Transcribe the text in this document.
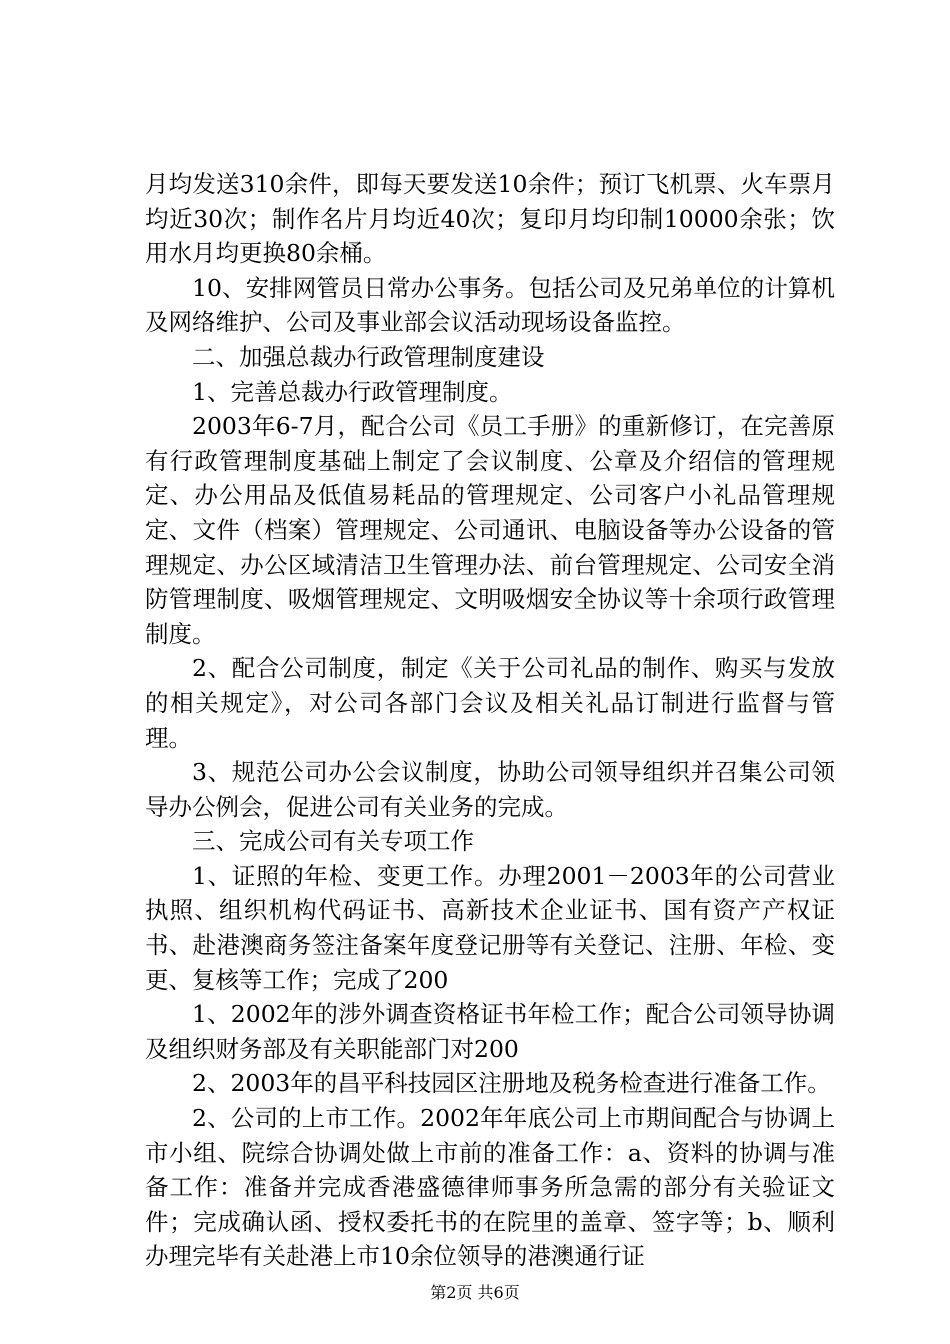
月均发送310余件，即每天要发送10余件；预订飞机票、火车票月均近30次；制作名片月均近40次；复印月均印制10000余张；饮用水月均更换80余桶。

10、安排网管员日常办公事务。包括公司及兄弟单位的计算机及网络维护、公司及事业部会议活动现场设备监控。

二、加强总裁办行政管理制度建设

1、完善总裁办行政管理制度。

2003年6-7月，配合公司《员工手册》的重新修订，在完善原有行政管理制度基础上制定了会议制度、公章及介绍信的管理规定、办公用品及低值易耗品的管理规定、公司客户小礼品管理规定、文件（档案）管理规定、公司通讯、电脑设备等办公设备的管理规定、办公区域清洁卫生管理办法、前台管理规定、公司安全消防管理制度、吸烟管理规定、文明吸烟安全协议等十余项行政管理制度。

2、配合公司制度，制定《关于公司礼品的制作、购买与发放的相关规定》，对公司各部门会议及相关礼品订制进行监督与管理。

3、规范公司办公会议制度，协助公司领导组织并召集公司领导办公例会，促进公司有关业务的完成。

三、完成公司有关专项工作

1、证照的年检、变更工作。办理2001－2003年的公司营业执照、组织机构代码证书、高新技术企业证书、国有资产产权证书、赴港澳商务签注备案年度登记册等有关登记、注册、年检、变更、复核等工作；完成了200

1、2002年的涉外调查资格证书年检工作；配合公司领导协调及组织财务部及有关职能部门对200

2、2003年的昌平科技园区注册地及税务检查进行准备工作。

2、公司的上市工作。2002年年底公司上市期间配合与协调上市小组、院综合协调处做上市前的准备工作：a、资料的协调与准备工作：准备并完成香港盛德律师事务所急需的部分有关验证文件；完成确认函、授权委托书的在院里的盖章、签字等；b、顺利办理完毕有关赴港上市10余位领导的港澳通行证

第2页 共6页
